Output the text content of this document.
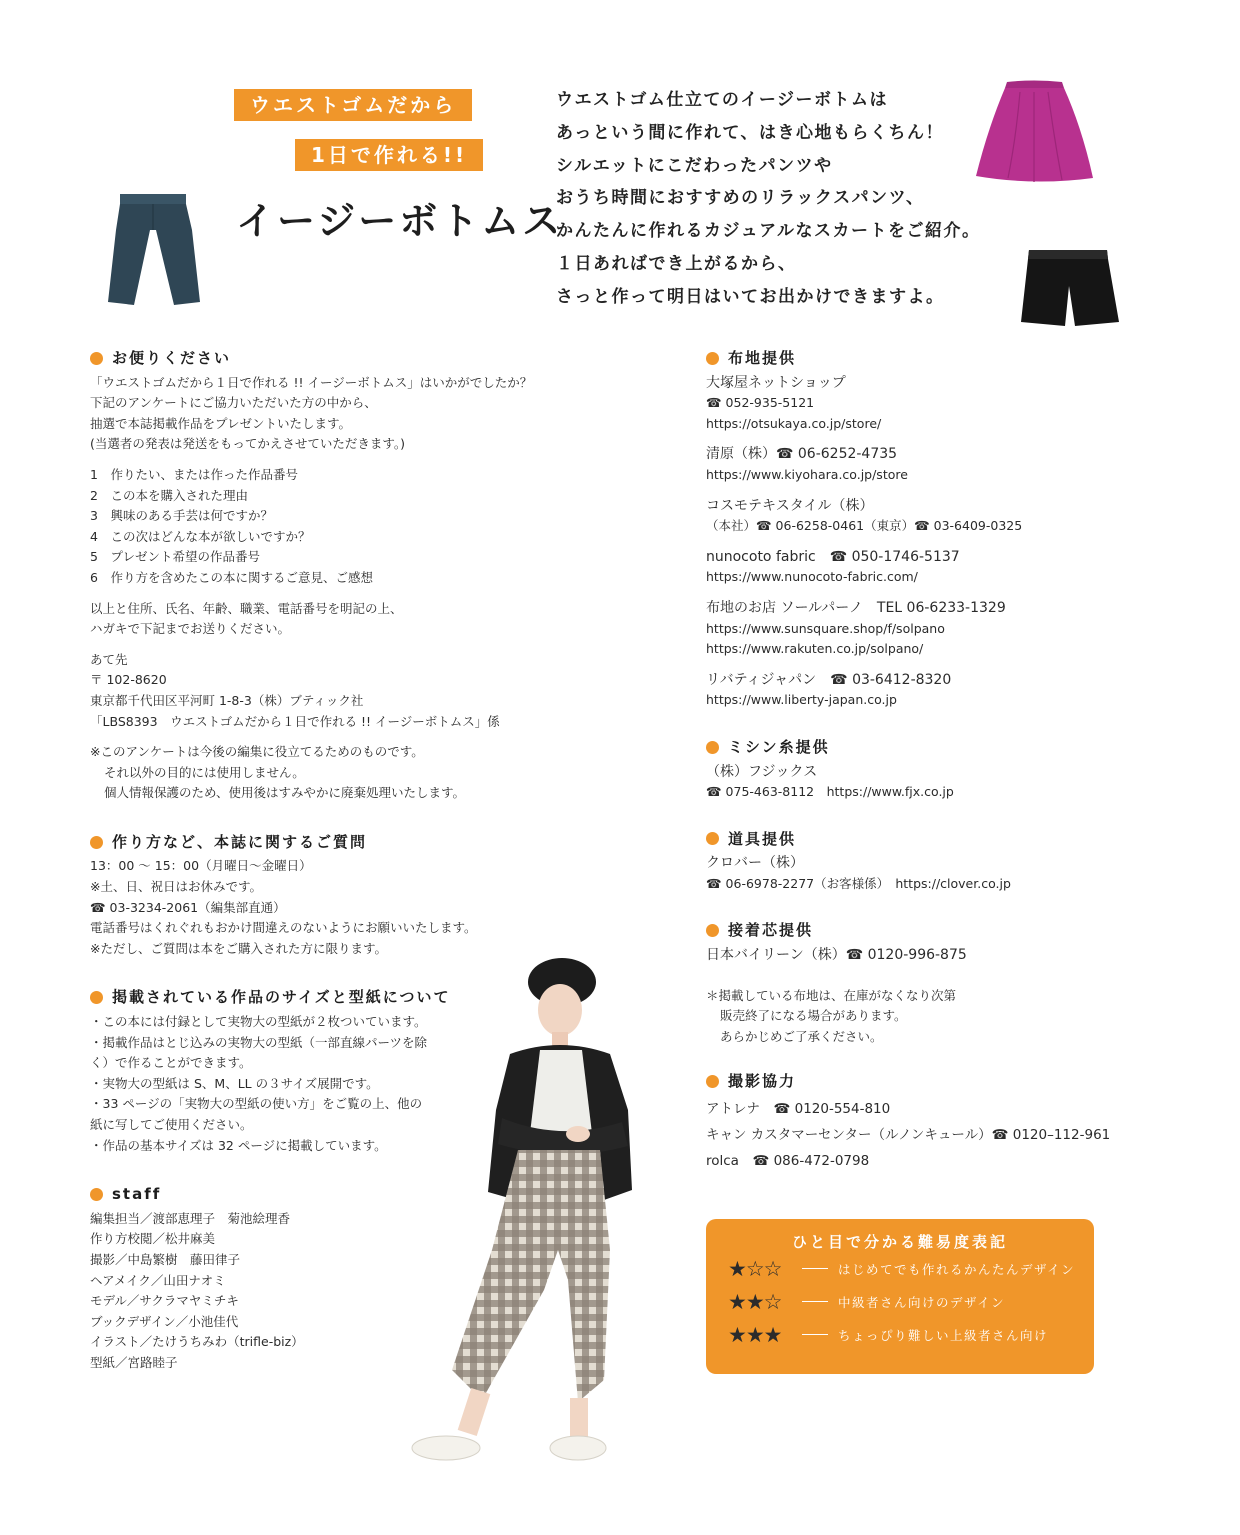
ウエストゴムだから
1日で作れる!!
イージーボトムス
ウエストゴム仕立てのイージーボトムは
あっという間に作れて、はき心地もらくちん！
シルエットにこだわったパンツや
おうち時間におすすめのリラックスパンツ、
かんたんに作れるカジュアルなスカートをご紹介。
１日あればでき上がるから、
さっと作って明日はいてお出かけできますよ。
お便りください
「ウエストゴムだから１日で作れる !! イージーボトムス」はいかがでしたか？
下記のアンケートにご協力いただいた方の中から、
抽選で本誌掲載作品をプレゼントいたします。
(当選者の発表は発送をもってかえさせていただきます。)
1　作りたい、または作った作品番号
2　この本を購入された理由
3　興味のある手芸は何ですか？
4　この次はどんな本が欲しいですか？
5　プレゼント希望の作品番号
6　作り方を含めたこの本に関するご意見、ご感想
以上と住所、氏名、年齢、職業、電話番号を明記の上、
ハガキで下記までお送りください。
あて先
〒 102-8620
東京都千代田区平河町 1-8-3（株）ブティック社
「LBS8393　ウエストゴムだから１日で作れる !! イージーボトムス」係
※このアンケートは今後の編集に役立てるためのものです。
それ以外の目的には使用しません。
個人情報保護のため、使用後はすみやかに廃棄処理いたします。
作り方など、本誌に関するご質問
13：00 ～ 15：00（月曜日～金曜日）
※土、日、祝日はお休みです。
☎ 03-3234-2061（編集部直通）
電話番号はくれぐれもおかけ間違えのないようにお願いいたします。
※ただし、ご質問は本をご購入された方に限ります。
掲載されている作品のサイズと型紙について
・この本には付録として実物大の型紙が２枚ついています。
・掲載作品はとじ込みの実物大の型紙（一部直線パーツを除
く）で作ることができます。
・実物大の型紙は S、M、LL の３サイズ展開です。
・33 ページの「実物大の型紙の使い方」をご覧の上、他の
紙に写してご使用ください。
・作品の基本サイズは 32 ページに掲載しています。
staff
編集担当／渡部恵理子　菊池絵理香
作り方校閲／松井麻美
撮影／中島繁樹　藤田律子
ヘアメイク／山田ナオミ
モデル／サクラマヤミチキ
ブックデザイン／小池佳代
イラスト／たけうちみわ（trifle-biz）
型紙／宮路睦子
布地提供
大塚屋ネットショップ
☎ 052-935-5121
https://otsukaya.co.jp/store/
清原（株）☎ 06-6252-4735
https://www.kiyohara.co.jp/store
コスモテキスタイル（株）
（本社）☎ 06-6258-0461（東京）☎ 03-6409-0325
nunocoto fabric　☎ 050-1746-5137
https://www.nunocoto-fabric.com/
布地のお店 ソールパーノ　TEL 06-6233-1329
https://www.sunsquare.shop/f/solpano
https://www.rakuten.co.jp/solpano/
リバティジャパン　☎ 03-6412-8320
https://www.liberty-japan.co.jp
ミシン糸提供
（株）フジックス
☎ 075-463-8112　https://www.fjx.co.jp
道具提供
クロバー（株）
☎ 06-6978-2277（お客様係）　https://clover.co.jp
接着芯提供
日本バイリーン（株）☎ 0120-996-875
＊掲載している布地は、在庫がなくなり次第
販売終了になる場合があります。
あらかじめご了承ください。
撮影協力
アトレナ　☎ 0120-554-810
キャン カスタマーセンター（ルノンキュール）☎ 0120–112-961
rolca　☎ 086-472-0798
ひと目で分かる難易度表記
★☆☆	はじめてでも作れるかんたんデザイン
★★☆	中級者さん向けのデザイン
★★★	ちょっぴり難しい上級者さん向け
